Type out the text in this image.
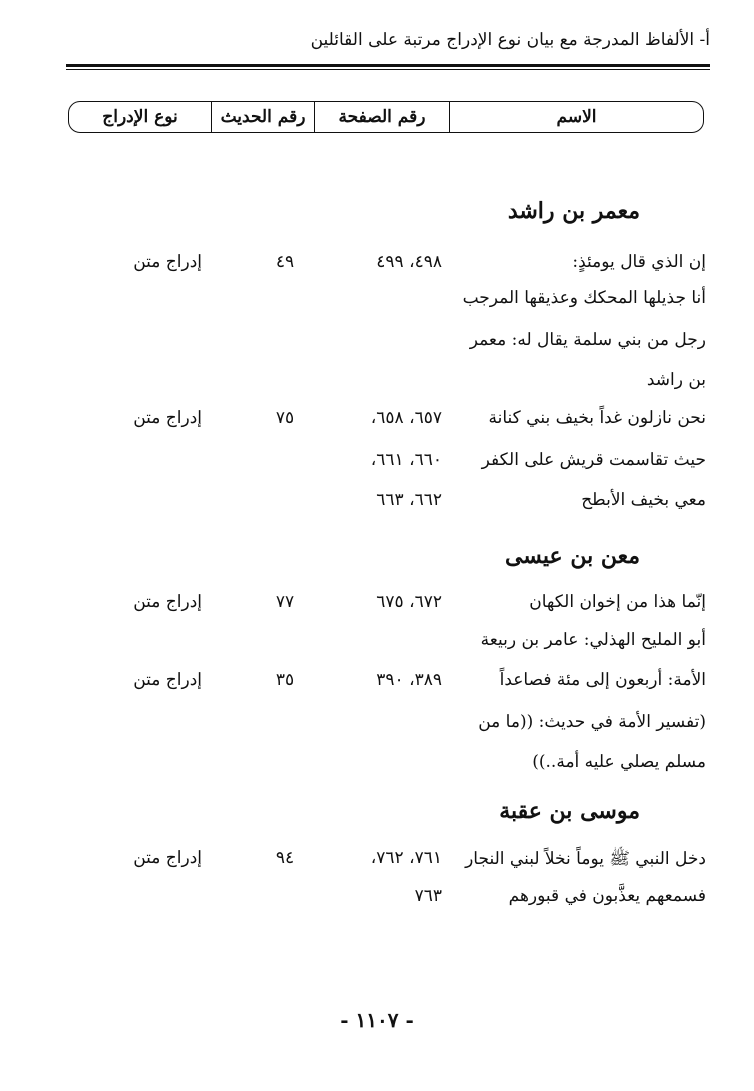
أ- الألفاظ المدرجة مع بيان نوع الإدراج مرتبة على القائلين
الاسم
رقم الصفحة
رقم الحديث
نوع الإدراج
معمر بن راشد
إن الذي قال يومئذٍ:
٤٩٨، ٤٩٩
٤٩
إدراج متن
أنا جذيلها المحكك وعذيقها المرجب
رجل من بني سلمة يقال له: معمر
بن راشد
نحن نازلون غداً بخيف بني كنانة
٦٥٧، ٦٥٨،
٧٥
إدراج متن
حيث تقاسمت قريش على الكفر
٦٦٠، ٦٦١،
معي بخيف الأبطح
٦٦٢، ٦٦٣
معن بن عيسى
إنّما هذا من إخوان الكهان
٦٧٢، ٦٧٥
٧٧
إدراج متن
أبو المليح الهذلي: عامر بن ربيعة
الأمة: أربعون إلى مئة فصاعداً
٣٨٩، ٣٩٠
٣٥
إدراج متن
(تفسير الأمة في حديث: ((ما من
مسلم يصلي عليه أمة..))
موسى بن عقبة
دخل النبي ﷺ يوماً نخلاً لبني النجار
٧٦١، ٧٦٢،
٩٤
إدراج متن
فسمعهم يعذَّبون في قبورهم
٧٦٣
- ١١٠٧ -
